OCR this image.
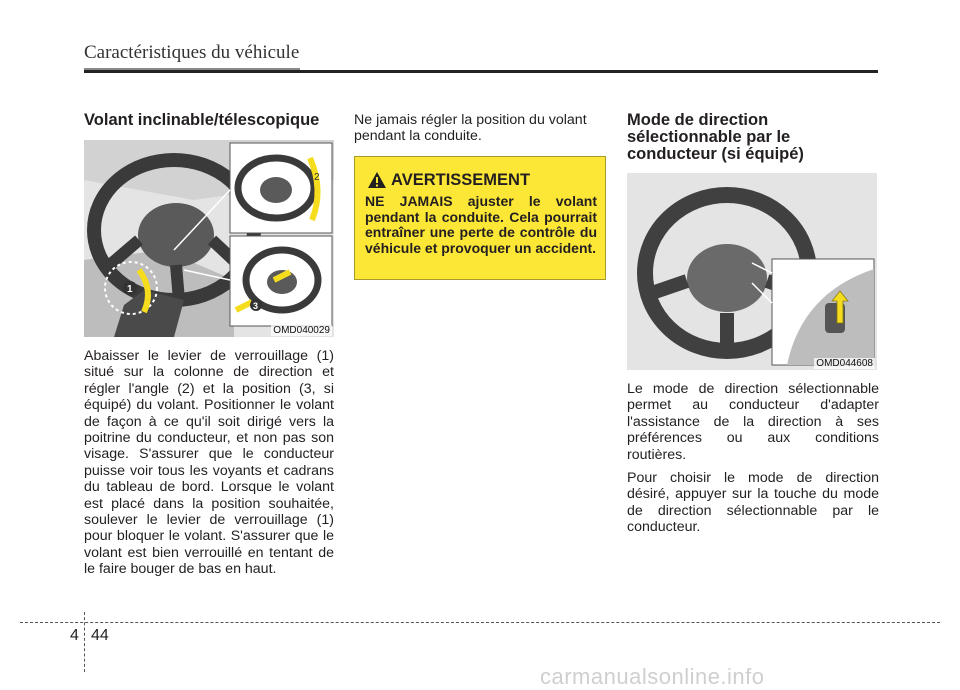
Caractéristiques du véhicule
Volant inclinable/télescopique
1
2
3
OMD040029

Abaisser le levier de verrouillage (1) situé sur la colonne de direction et régler l'angle (2) et la position (3, si équipé) du volant. Positionner le volant de façon à ce qu'il soit dirigé vers la poitrine du conducteur, et non pas son visage. S'assurer que le conducteur puisse voir tous les voyants et cadrans du tableau de bord. Lorsque le volant est placé dans la position souhaitée, soulever le levier de verrouillage (1) pour bloquer le volant. S'assurer que le volant est bien verrouillé en tentant de le faire bouger de bas en haut.

Ne jamais régler la position du volant pendant la conduite.

AVERTISSEMENT
NE JAMAIS ajuster le volant pendant la conduite. Cela pourrait entraîner une perte de contrôle du véhicule et provoquer un accident.
Mode de direction sélectionnable par le conducteur (si équipé)
OMD044608

Le mode de direction sélectionnable permet au conducteur d'adapter l'assistance de la direction à ses préférences ou aux conditions routières.

Pour choisir le mode de direction désiré, appuyer sur la touche du mode de direction sélectionnable par le conducteur.

4 44
carmanualsonline.info
